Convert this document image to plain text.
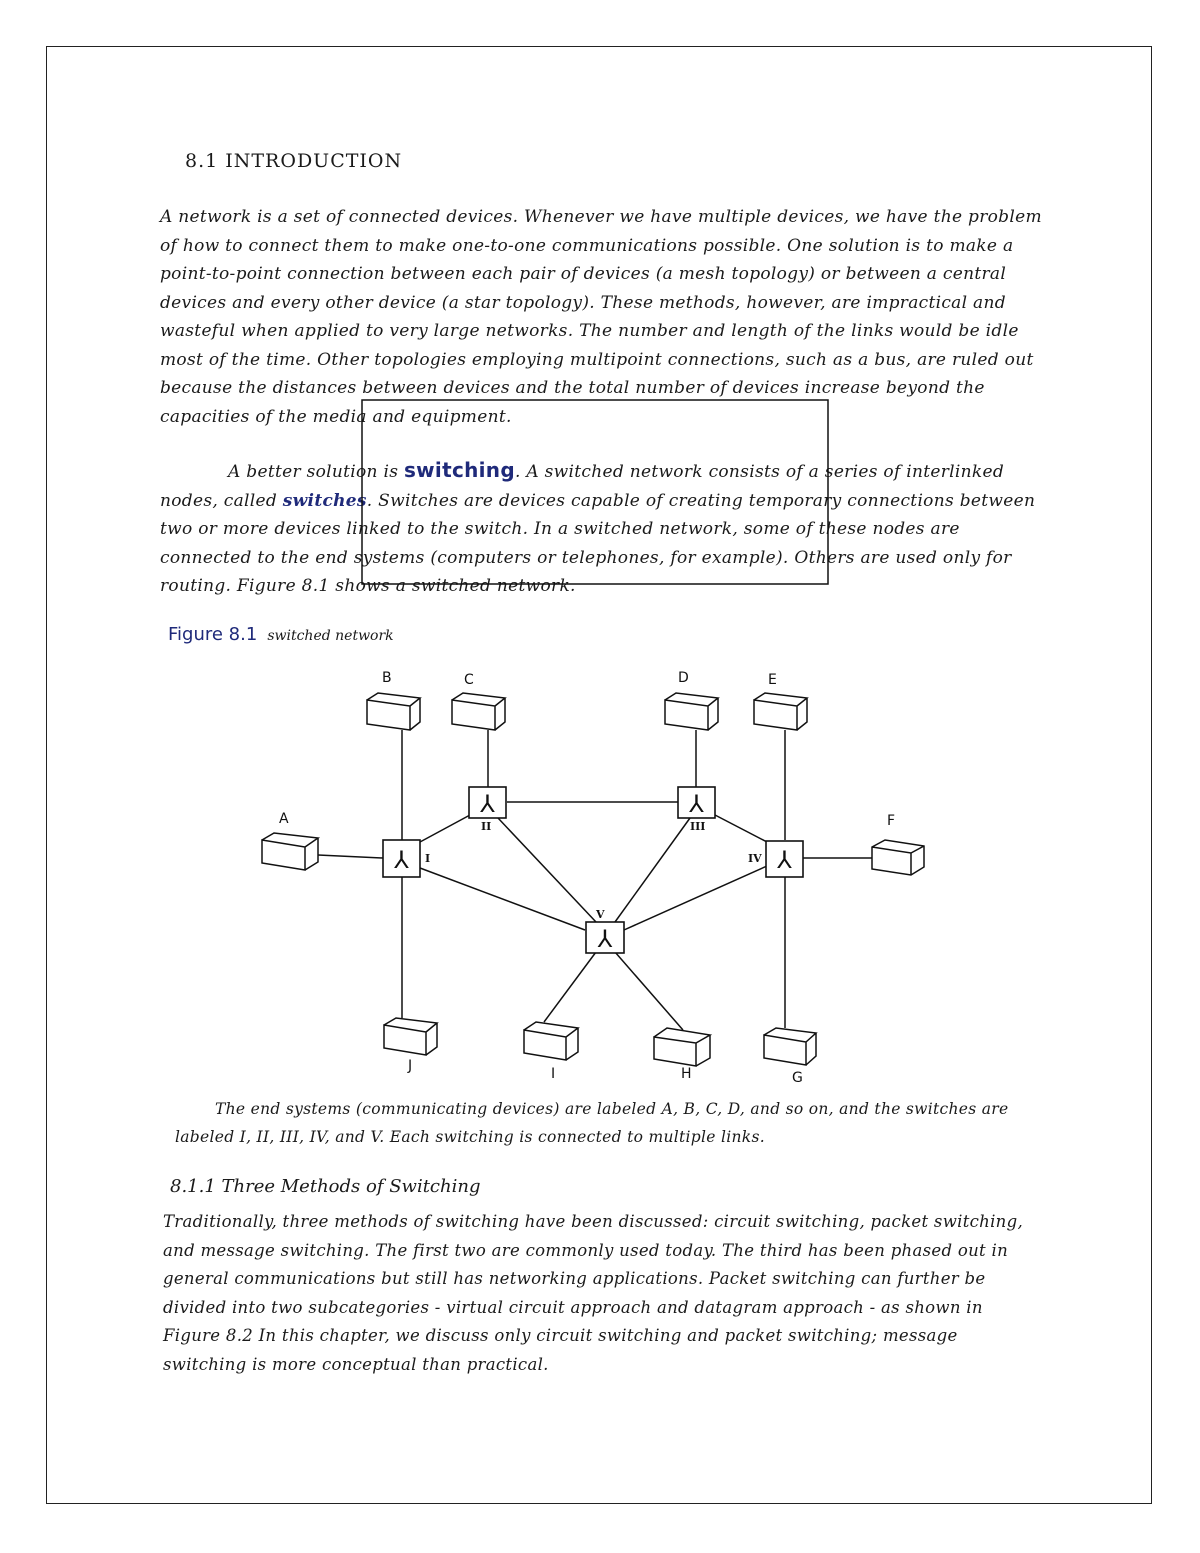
8.1 INTRODUCTION

A network is a set of connected devices. Whenever we have multiple devices, we have the problem of how to connect them to make one-to-one communications possible. One solution is to make a point-to-point connection between each pair of devices (a mesh topology) or between a central devices and every other device (a star topology). These methods, however, are impractical and wasteful when applied to very large networks. The number and length of the links would be idle most of the time. Other topologies employing multipoint connections, such as a bus, are ruled out because the distances between devices and the total number of devices increase beyond the capacities of the media and equipment.

A better solution is switching. A switched network consists of a series of interlinked nodes, called switches. Switches are devices capable of creating temporary connections between two or more devices linked to the switch. In a switched network, some of these nodes are connected to the end systems (computers or telephones, for example). Others are used only for routing. Figure 8.1 shows a switched network.

Figure 8.1 switched network

⅄
⅄	⅄
⅄
⅄
I
II	III
IV
V
A
B	C	D	E
F
G
H
I
J

The end systems (communicating devices) are labeled A, B, C, D, and so on, and the switches are labeled I, II, III, IV, and V. Each switching is connected to multiple links.

8.1.1 Three Methods of Switching

Traditionally, three methods of switching have been discussed: circuit switching, packet switching, and message switching. The first two are commonly used today. The third has been phased out in general communications but still has networking applications. Packet switching can further be divided into two subcategories - virtual circuit approach and datagram approach - as shown in Figure 8.2 In this chapter, we discuss only circuit switching and packet switching; message switching is more conceptual than practical.
